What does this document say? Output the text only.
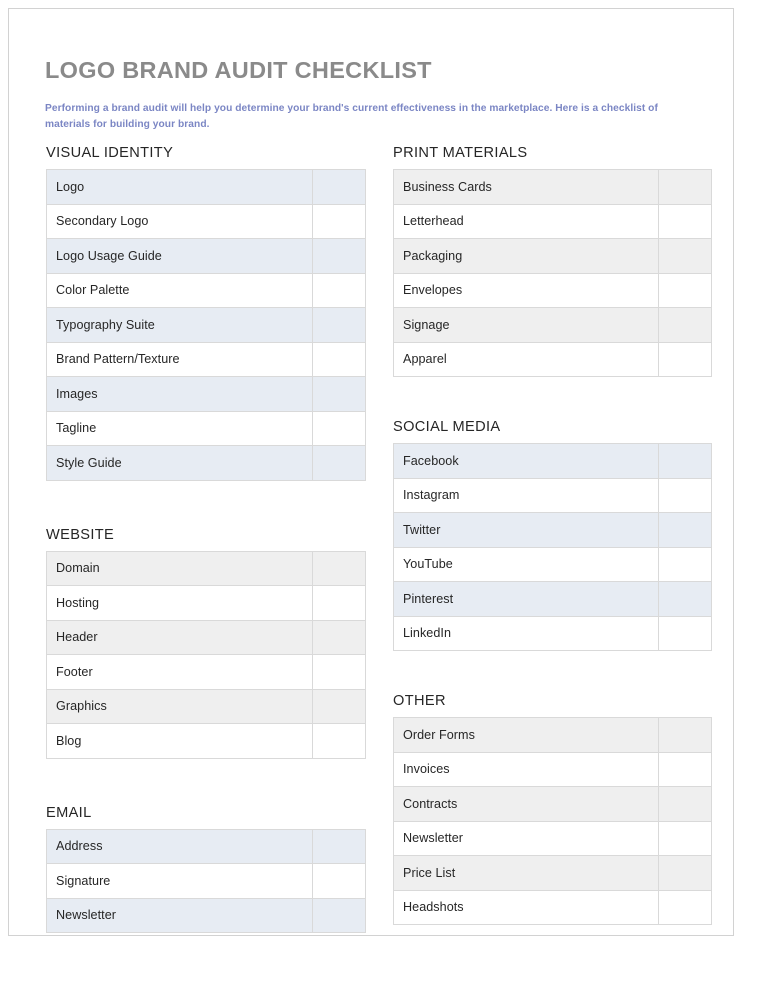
LOGO BRAND AUDIT CHECKLIST
Performing a brand audit will help you determine your brand's current effectiveness in the marketplace. Here is a checklist of materials for building your brand.
VISUAL IDENTITY
Logo	
Secondary Logo	
Logo Usage Guide	
Color Palette	
Typography Suite	
Brand Pattern/Texture	
Images	
Tagline	
Style Guide	
WEBSITE
Domain	
Hosting	
Header	
Footer	
Graphics	
Blog	
EMAIL
Address	
Signature	
Newsletter	
PRINT MATERIALS
Business Cards	
Letterhead	
Packaging	
Envelopes	
Signage	
Apparel	
SOCIAL MEDIA
Facebook	
Instagram	
Twitter	
YouTube	
Pinterest	
LinkedIn	
OTHER
Order Forms	
Invoices	
Contracts	
Newsletter	
Price List	
Headshots	
